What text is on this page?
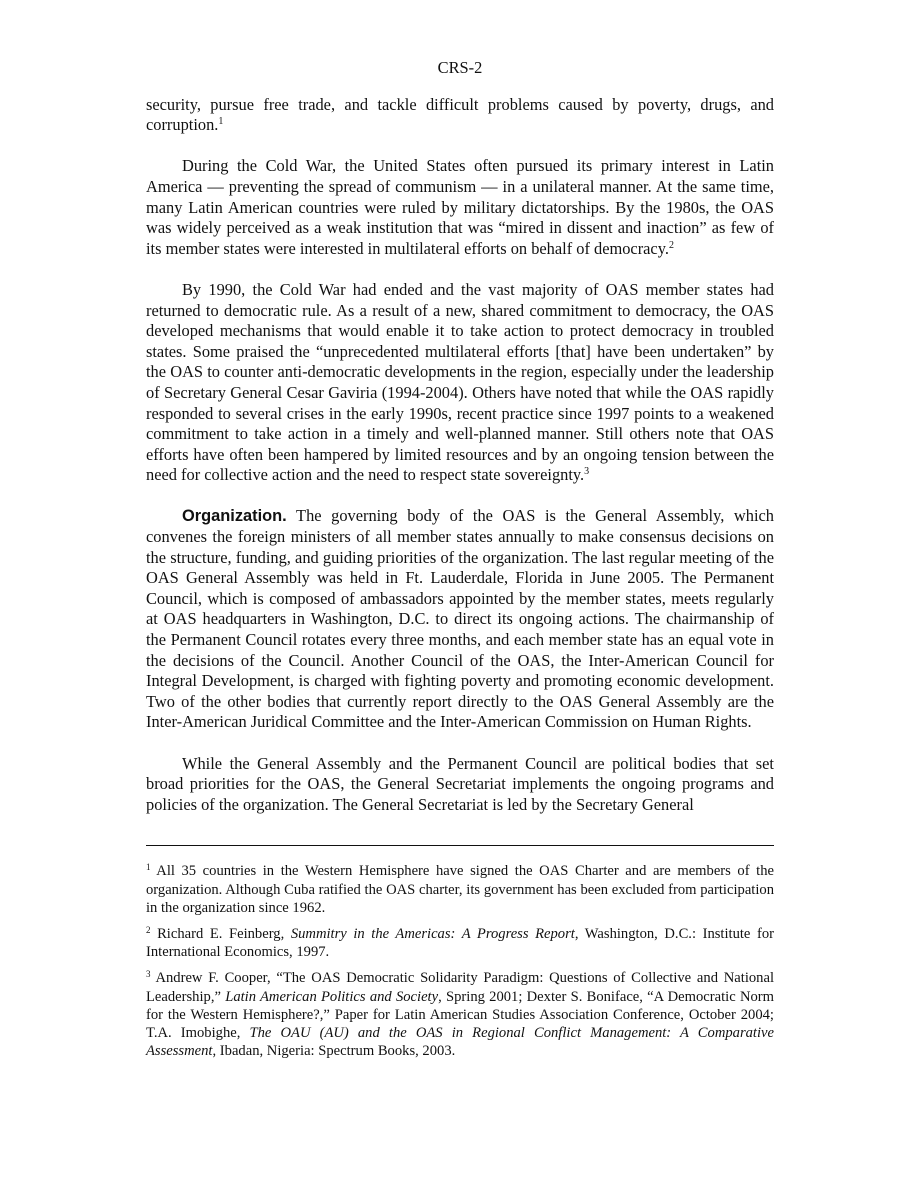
CRS-2

security, pursue free trade, and tackle difficult problems caused by poverty, drugs, and corruption.$^1$

During the Cold War, the United States often pursued its primary interest in Latin America — preventing the spread of communism — in a unilateral manner. At the same time, many Latin American countries were ruled by military dictatorships. By the 1980s, the OAS was widely perceived as a weak institution that was “mired in dissent and inaction” as few of its member states were interested in multilateral efforts on behalf of democracy.$^2$

By 1990, the Cold War had ended and the vast majority of OAS member states had returned to democratic rule. As a result of a new, shared commitment to democracy, the OAS developed mechanisms that would enable it to take action to protect democracy in troubled states. Some praised the “unprecedented multilateral efforts [that] have been undertaken” by the OAS to counter anti-democratic developments in the region, especially under the leadership of Secretary General Cesar Gaviria (1994-2004). Others have noted that while the OAS rapidly responded to several crises in the early 1990s, recent practice since 1997 points to a weakened commitment to take action in a timely and well-planned manner. Still others note that OAS efforts have often been hampered by limited resources and by an ongoing tension between the need for collective action and the need to respect state sovereignty.$^3$

Organization. The governing body of the OAS is the General Assembly, which convenes the foreign ministers of all member states annually to make consensus decisions on the structure, funding, and guiding priorities of the organization. The last regular meeting of the OAS General Assembly was held in Ft. Lauderdale, Florida in June 2005. The Permanent Council, which is composed of ambassadors appointed by the member states, meets regularly at OAS headquarters in Washington, D.C. to direct its ongoing actions. The chairmanship of the Permanent Council rotates every three months, and each member state has an equal vote in the decisions of the Council. Another Council of the OAS, the Inter-American Council for Integral Development, is charged with fighting poverty and promoting economic development. Two of the other bodies that currently report directly to the OAS General Assembly are the Inter-American Juridical Committee and the Inter-American Commission on Human Rights.

While the General Assembly and the Permanent Council are political bodies that set broad priorities for the OAS, the General Secretariat implements the ongoing programs and policies of the organization. The General Secretariat is led by the Secretary General

$^1$ All 35 countries in the Western Hemisphere have signed the OAS Charter and are members of the organization. Although Cuba ratified the OAS charter, its government has been excluded from participation in the organization since 1962.

$^2$ Richard E. Feinberg, Summitry in the Americas: A Progress Report, Washington, D.C.: Institute for International Economics, 1997.

$^3$ Andrew F. Cooper, “The OAS Democratic Solidarity Paradigm: Questions of Collective and National Leadership,” Latin American Politics and Society, Spring 2001; Dexter S. Boniface, “A Democratic Norm for the Western Hemisphere?,” Paper for Latin American Studies Association Conference, October 2004; T.A. Imobighe, The OAU (AU) and the OAS in Regional Conflict Management: A Comparative Assessment, Ibadan, Nigeria: Spectrum Books, 2003.
